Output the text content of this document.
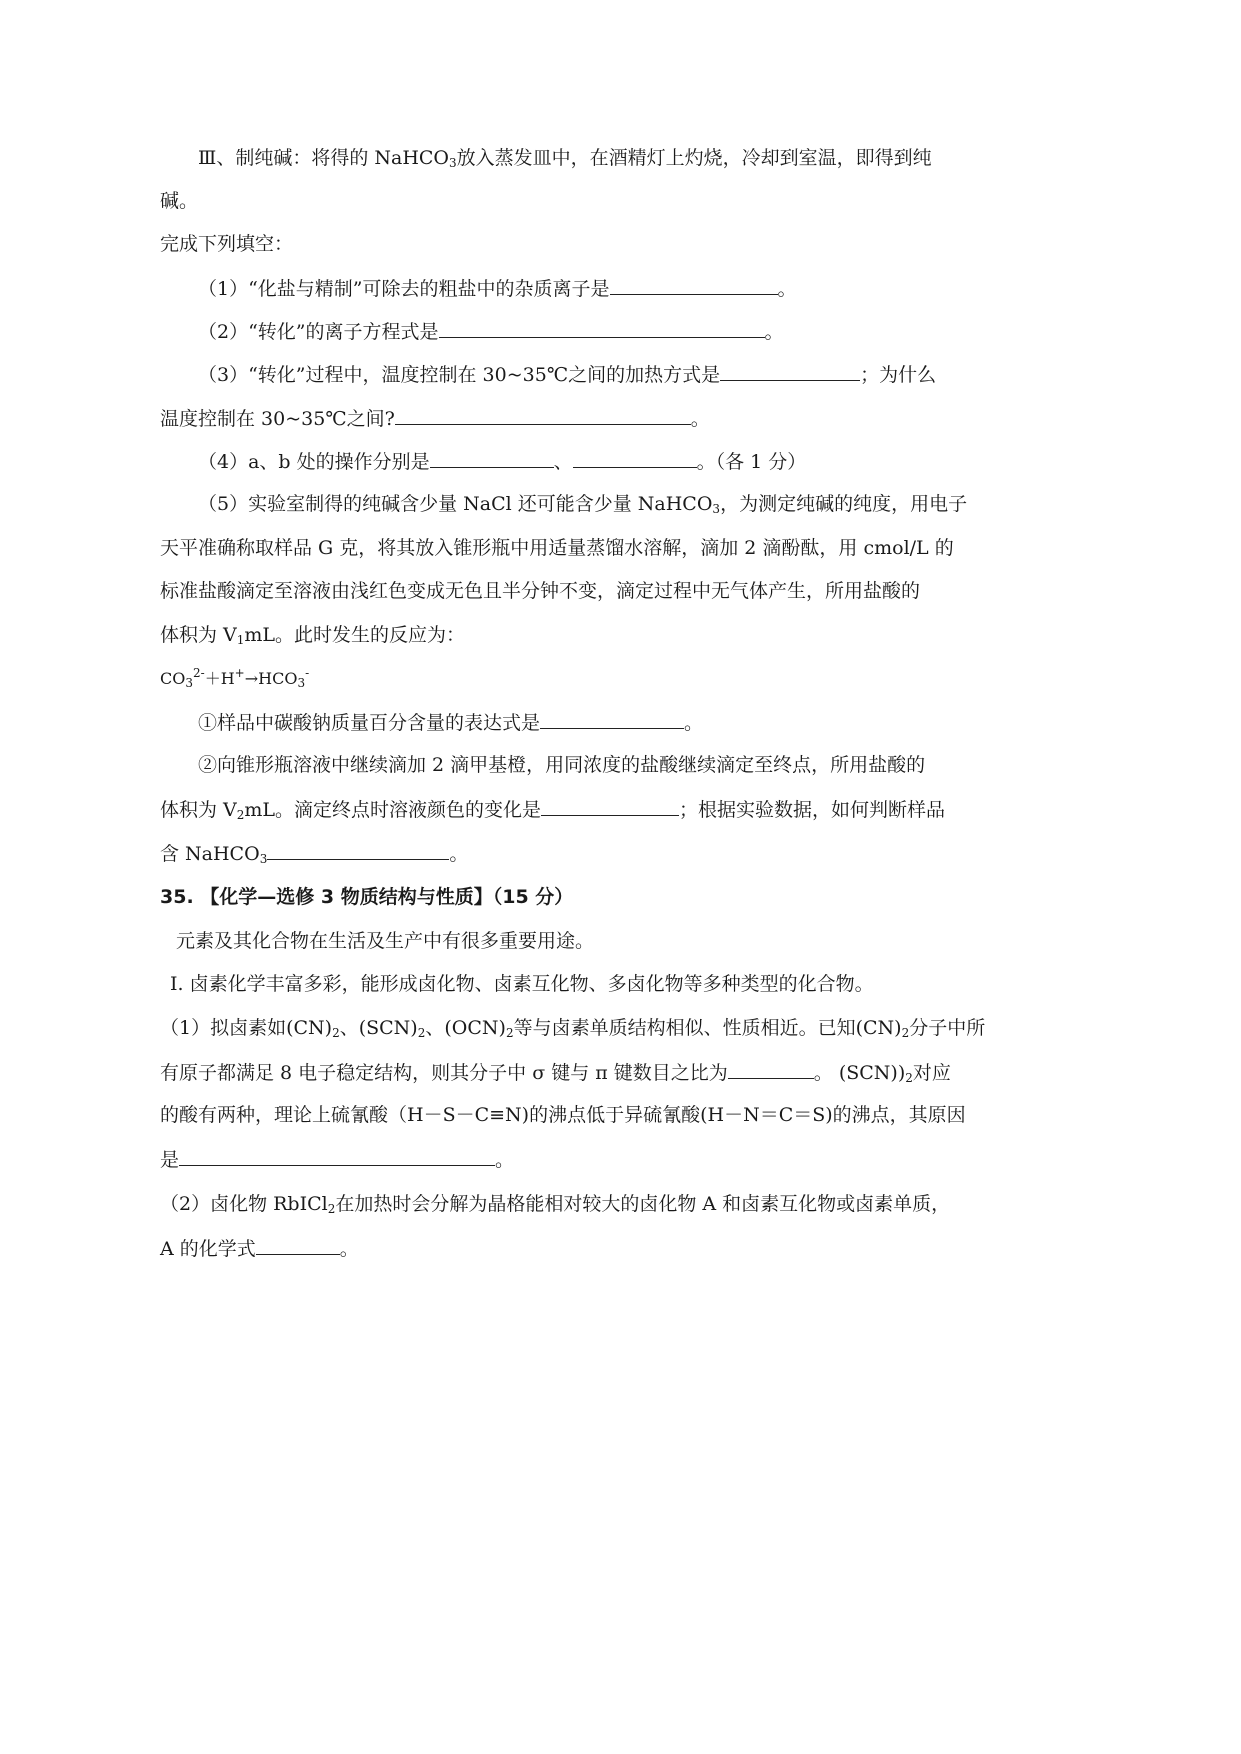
Ⅲ、制纯碱：将得的 NaHCO$_3$放入蒸发皿中，在酒精灯上灼烧，冷却到室温，即得到纯
碱。
完成下列填空：
（1）“化盐与精制”可除去的粗盐中的杂质离子是	。
（2）“转化”的离子方程式是	。
（3）“转化”过程中，温度控制在 30~35℃之间的加热方式是	；为什么
温度控制在 30~35℃之间?	。
（4）a、b 处的操作分别是	、	。（各 1 分）
（5）实验室制得的纯碱含少量 NaCl 还可能含少量 NaHCO$_3$，为测定纯碱的纯度，用电子
天平准确称取样品 G 克，将其放入锥形瓶中用适量蒸馏水溶解，滴加 2 滴酚酞，用 cmol/L 的
标准盐酸滴定至溶液由浅红色变成无色且半分钟不变，滴定过程中无气体产生，所用盐酸的
体积为 $V_1mL$。此时发生的反应为：
$CO_3^{2-}+H^+\to HCO_3^-$
①样品中碳酸钠质量百分含量的表达式是	。
②向锥形瓶溶液中继续滴加 2 滴甲基橙，用同浓度的盐酸继续滴定至终点，所用盐酸的
体积为 $V_2mL$。滴定终点时溶液颜色的变化是	；根据实验数据，如何判断样品
含 NaHCO$_3$	。
35. 【化学—选修 3 物质结构与性质】（15 分）
元素及其化合物在生活及生产中有很多重要用途。
Ⅰ. 卤素化学丰富多彩，能形成卤化物、卤素互化物、多卤化物等多种类型的化合物。
（1）拟卤素如$(CN)_2$、$(SCN)_2$、$(OCN)_2$等与卤素单质结构相似、性质相近。已知$(CN)_2$分子中所
有原子都满足 8 电子稳定结构，则其分子中 σ 键与 π 键数目之比为	。 $(SCN))_2$对应
的酸有两种，理论上硫氰酸（H－S－C≡N)的沸点低于异硫氰酸(H－N＝C＝S)的沸点，其原因
是	。
（2）卤化物 RbICl$_2$在加热时会分解为晶格能相对较大的卤化物 A 和卤素互化物或卤素单质，
A 的化学式	。
